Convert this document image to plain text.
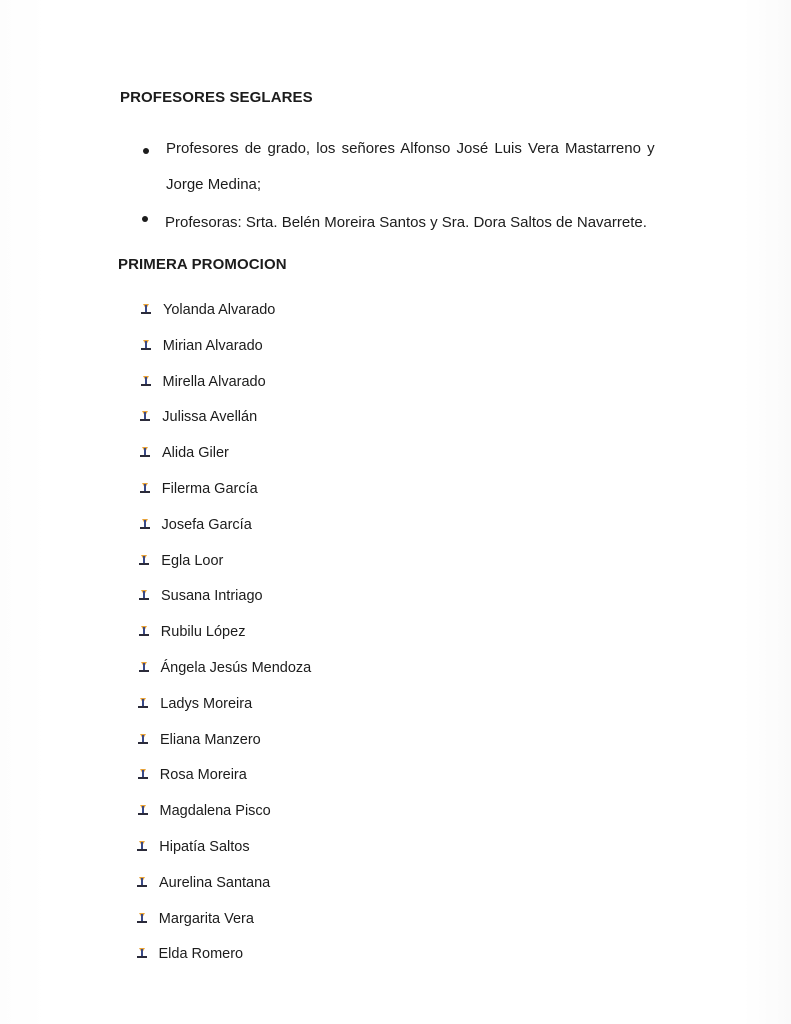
PROFESORES SEGLARES
Profesores de grado, los señores Alfonso José Luis Vera Mastarreno y
Jorge Medina;
Profesoras: Srta. Belén Moreira Santos y Sra. Dora Saltos de Navarrete.
PRIMERA PROMOCION
Yolanda Alvarado
Mirian Alvarado
Mirella Alvarado
Julissa Avellán
Alida Giler
Filerma García
Josefa García
Egla Loor
Susana Intriago
Rubilu López
Ángela Jesús Mendoza
Ladys Moreira
Eliana Manzero
Rosa Moreira
Magdalena Pisco
Hipatía Saltos
Aurelina Santana
Margarita Vera
Elda Romero
